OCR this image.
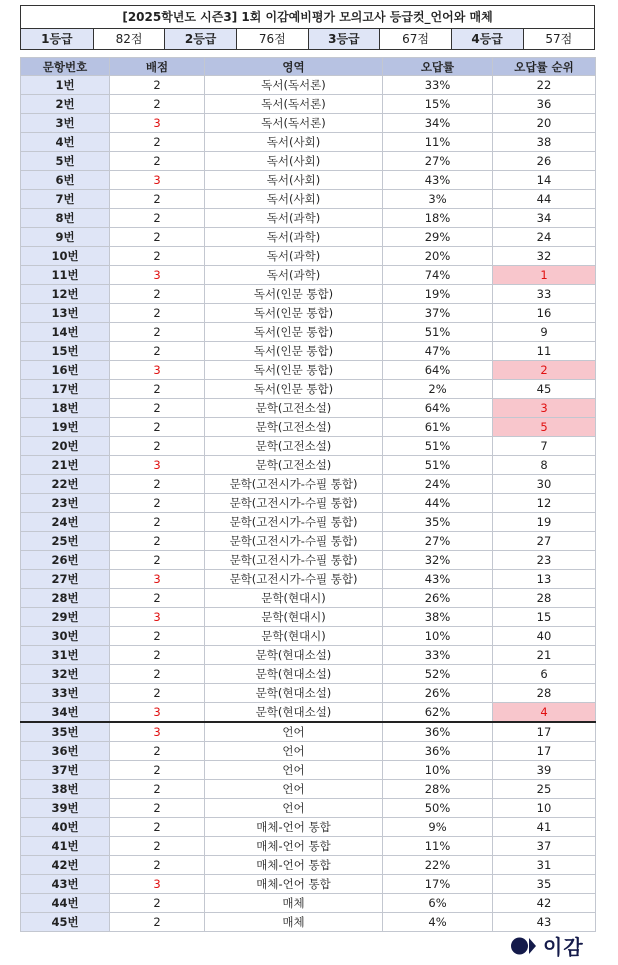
[2025학년도 시즌3] 1회 이감예비평가 모의고사 등급컷_언어와 매체
1등급	82점	2등급	76점	3등급	67점	4등급	57점
문항번호	배점	영역	오답률	오답률 순위
1번	2	독서(독서론)	33%	22
2번	2	독서(독서론)	15%	36
3번	3	독서(독서론)	34%	20
4번	2	독서(사회)	11%	38
5번	2	독서(사회)	27%	26
6번	3	독서(사회)	43%	14
7번	2	독서(사회)	3%	44
8번	2	독서(과학)	18%	34
9번	2	독서(과학)	29%	24
10번	2	독서(과학)	20%	32
11번	3	독서(과학)	74%	1
12번	2	독서(인문 통합)	19%	33
13번	2	독서(인문 통합)	37%	16
14번	2	독서(인문 통합)	51%	9
15번	2	독서(인문 통합)	47%	11
16번	3	독서(인문 통합)	64%	2
17번	2	독서(인문 통합)	2%	45
18번	2	문학(고전소설)	64%	3
19번	2	문학(고전소설)	61%	5
20번	2	문학(고전소설)	51%	7
21번	3	문학(고전소설)	51%	8
22번	2	문학(고전시가-수필 통합)	24%	30
23번	2	문학(고전시가-수필 통합)	44%	12
24번	2	문학(고전시가-수필 통합)	35%	19
25번	2	문학(고전시가-수필 통합)	27%	27
26번	2	문학(고전시가-수필 통합)	32%	23
27번	3	문학(고전시가-수필 통합)	43%	13
28번	2	문학(현대시)	26%	28
29번	3	문학(현대시)	38%	15
30번	2	문학(현대시)	10%	40
31번	2	문학(현대소설)	33%	21
32번	2	문학(현대소설)	52%	6
33번	2	문학(현대소설)	26%	28
34번	3	문학(현대소설)	62%	4
35번	3	언어	36%	17
36번	2	언어	36%	17
37번	2	언어	10%	39
38번	2	언어	28%	25
39번	2	언어	50%	10
40번	2	매체-언어 통합	9%	41
41번	2	매체-언어 통합	11%	37
42번	2	매체-언어 통합	22%	31
43번	3	매체-언어 통합	17%	35
44번	2	매체	6%	42
45번	2	매체	4%	43
이감
